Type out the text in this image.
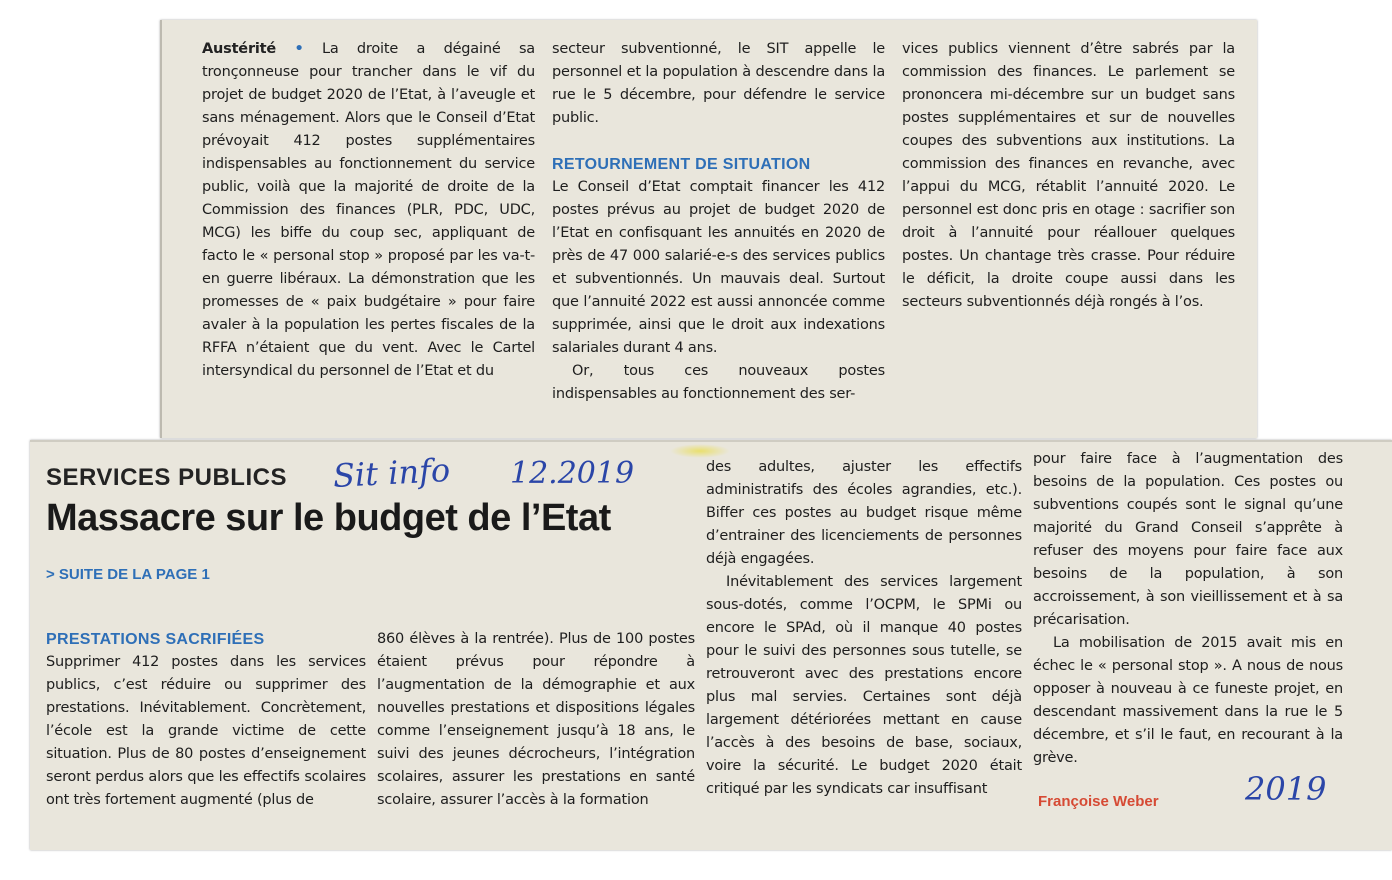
Austérité • La droite a dégainé sa tronçonneuse pour trancher dans le vif du projet de budget 2020 de l’Etat, à l’aveugle et sans ménagement. Alors que le Conseil d’Etat prévoyait 412 postes supplémentaires indispensables au fonctionnement du service public, voilà que la majorité de droite de la Commission des finances (PLR, PDC, UDC, MCG) les biffe du coup sec, appliquant de facto le « personal stop » proposé par les va-t-en guerre libéraux. La démonstration que les promesses de « paix budgétaire » pour faire avaler à la population les pertes fiscales de la RFFA n’étaient que du vent. Avec le Cartel intersyndical du personnel de l’Etat et du

secteur subventionné, le SIT appelle le personnel et la population à descendre dans la rue le 5 décembre, pour défendre le service public.

RETOURNEMENT DE SITUATION

Le Conseil d’Etat comptait financer les 412 postes prévus au projet de budget 2020 de l’Etat en confisquant les annuités en 2020 de près de 47 000 salarié-e-s des services publics et subventionnés. Un mauvais deal. Surtout que l’annuité 2022 est aussi annoncée comme supprimée, ainsi que le droit aux indexations salariales durant 4 ans.

Or, tous ces nouveaux postes indispensables au fonctionnement des ser-

vices publics viennent d’être sabrés par la commission des finances. Le parlement se prononcera mi-décembre sur un budget sans postes supplémentaires et sur de nouvelles coupes des subventions aux institutions. La commission des finances en revanche, avec l’appui du MCG, rétablit l’annuité 2020. Le personnel est donc pris en otage : sacrifier son droit à l’annuité pour réallouer quelques postes. Un chantage très crasse. Pour réduire le déficit, la droite coupe aussi dans les secteurs subventionnés déjà rongés à l’os.

SERVICES PUBLICS Sit info 12.2019
Massacre sur le budget de l’Etat
> SUITE DE LA PAGE 1

PRESTATIONS SACRIFIÉES

Supprimer 412 postes dans les services publics, c’est réduire ou supprimer des prestations. Inévitablement. Concrètement, l’école est la grande victime de cette situation. Plus de 80 postes d’enseignement seront perdus alors que les effectifs scolaires ont très fortement augmenté (plus de

860 élèves à la rentrée). Plus de 100 postes étaient prévus pour répondre à l’augmentation de la démographie et aux nouvelles prestations et dispositions légales comme l’enseignement jusqu’à 18 ans, le suivi des jeunes décrocheurs, l’intégration scolaires, assurer les prestations en santé scolaire, assurer l’accès à la formation

des adultes, ajuster les effectifs administratifs des écoles agrandies, etc.). Biffer ces postes au budget risque même d’entrainer des licenciements de personnes déjà engagées.

Inévitablement des services largement sous-dotés, comme l’OCPM, le SPMi ou encore le SPAd, où il manque 40 postes pour le suivi des personnes sous tutelle, se retrouveront avec des prestations encore plus mal servies. Certaines sont déjà largement détériorées mettant en cause l’accès à des besoins de base, sociaux, voire la sécurité. Le budget 2020 était critiqué par les syndicats car insuffisant

pour faire face à l’augmentation des besoins de la population. Ces postes ou subventions coupés sont le signal qu’une majorité du Grand Conseil s’apprête à refuser des moyens pour faire face aux besoins de la population, à son accroissement, à son vieillissement et à sa précarisation.

La mobilisation de 2015 avait mis en échec le « personal stop ». A nous de nous opposer à nouveau à ce funeste projet, en descendant massivement dans la rue le 5 décembre, et s’il le faut, en recourant à la grève.

Françoise Weber	2019
